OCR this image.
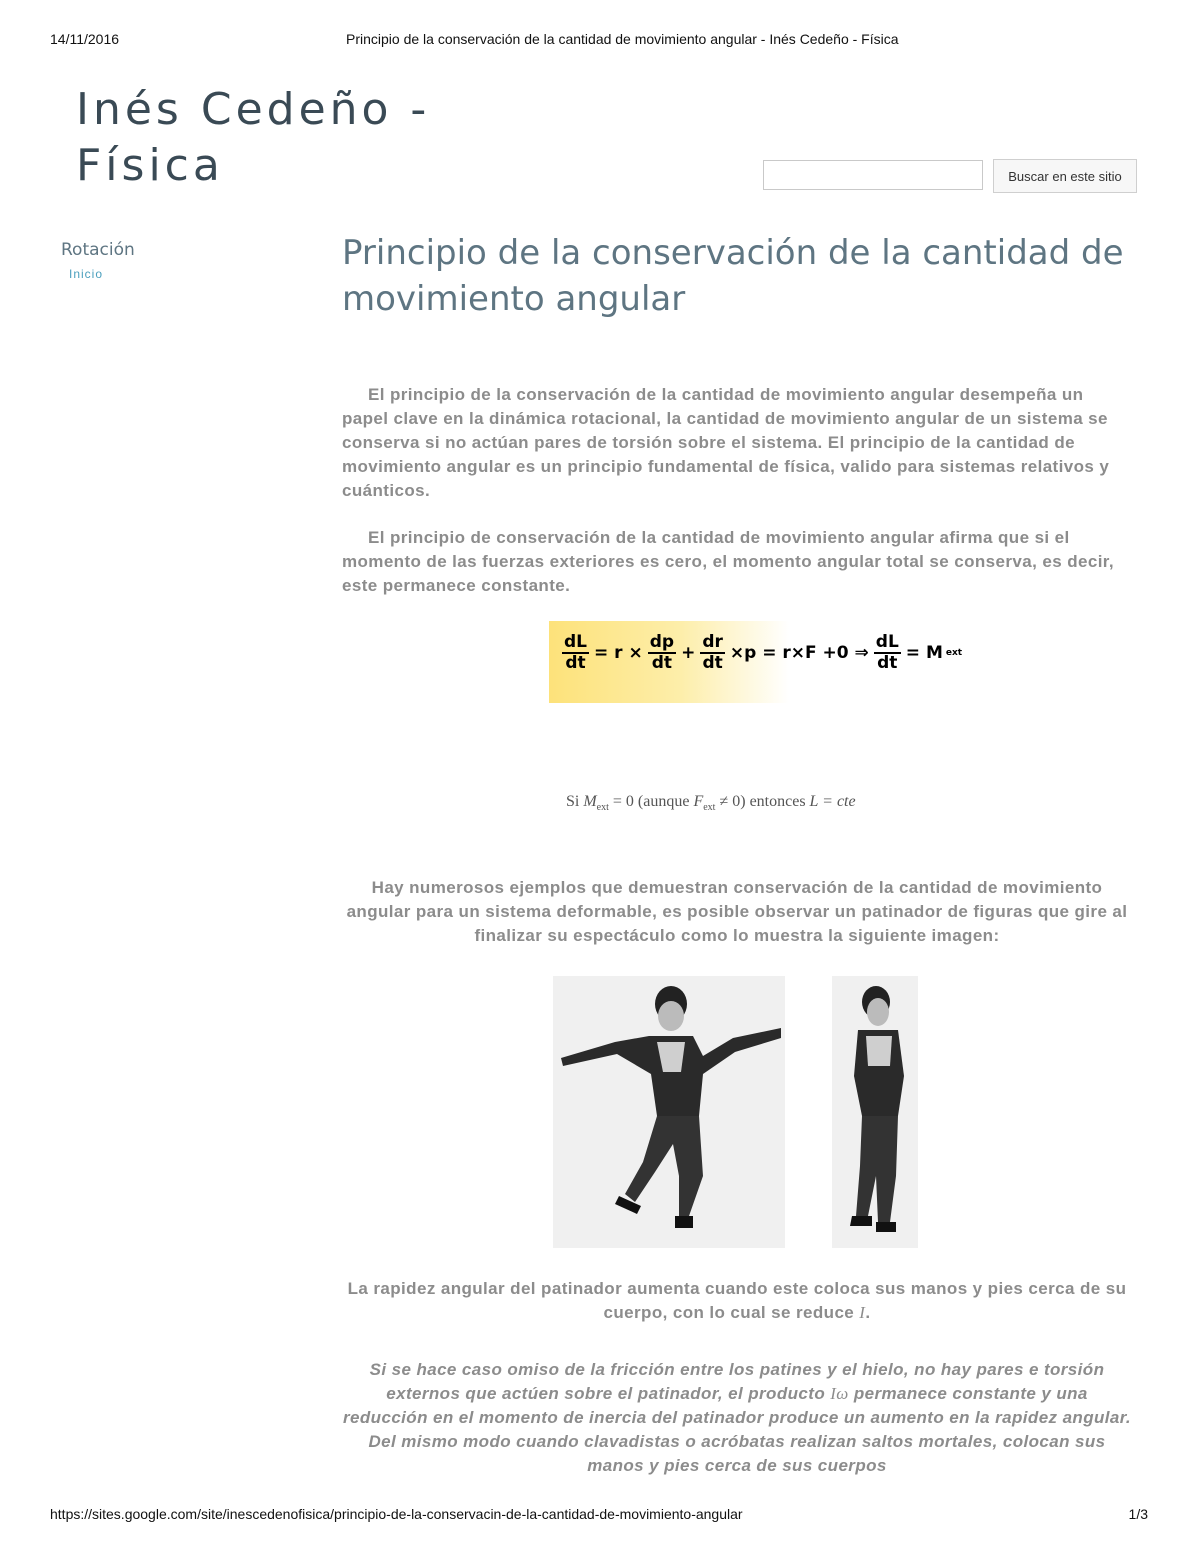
14/11/2016	Principio de la conservación de la cantidad de movimiento angular - Inés Cedeño - Física
Inés Cedeño - Física	Buscar en este sitio
Rotación
Inicio
Principio de la conservación de la cantidad de movimiento angular

El principio de la conservación de la cantidad de movimiento angular desempeña un papel clave en la dinámica rotacional, la cantidad de movimiento angular de un sistema se conserva si no actúan pares de torsión sobre el sistema. El principio de la cantidad de movimiento angular es un principio fundamental de física, valido para sistemas relativos y cuánticos.

El principio de conservación de la cantidad de movimiento angular afirma que si el momento de las fuerzas exteriores es cero, el momento angular total se conserva, es decir, este permanece constante.

$\frac{dL}{dt} = r \times \frac{dp}{dt} + \frac{dr}{dt} \times p = r\times F +0$ ⇒ $\frac{dL}{dt} = M$ ext
Si $M_{ext} = 0$ (aunque $F_{ext} \ne 0$) entonces L = cte

Hay numerosos ejemplos que demuestran conservación de la cantidad de movimiento angular para un sistema deformable, es posible observar un patinador de figuras que gire al finalizar su espectáculo como lo muestra la siguiente imagen:

La rapidez angular del patinador aumenta cuando este coloca sus manos y pies cerca de su cuerpo, con lo cual se reduce I.

Si se hace caso omiso de la fricción entre los patines y el hielo, no hay pares e torsión externos que actúen sobre el patinador, el producto Iω permanece constante y una reducción en el momento de inercia del patinador produce un aumento en la rapidez angular. Del mismo modo cuando clavadistas o acróbatas realizan saltos mortales, colocan sus manos y pies cerca de sus cuerpos

https://sites.google.com/site/inescedenofisica/principio-de-la-conservacin-de-la-cantidad-de-movimiento-angular	1/3
